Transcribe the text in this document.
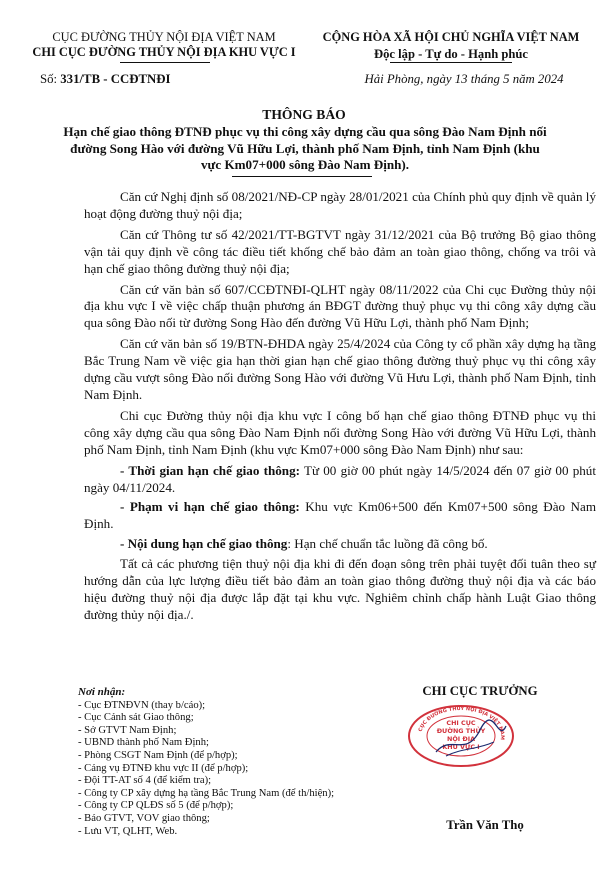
CỤC ĐƯỜNG THỦY NỘI ĐỊA VIỆT NAM
CHI CỤC ĐƯỜNG THỦY NỘI ĐỊA KHU VỰC I
CỘNG HÒA XÃ HỘI CHỦ NGHĨA VIỆT NAM
Độc lập - Tự do - Hạnh phúc
Số: 331/TB - CCĐTNĐI	Hải Phòng, ngày 13 tháng 5 năm 2024
THÔNG BÁO
Hạn chế giao thông ĐTNĐ phục vụ thi công xây dựng cầu qua sông Đào Nam Định nối đường Song Hào với đường Vũ Hữu Lợi, thành phố Nam Định, tỉnh Nam Định (khu vực Km07+000 sông Đào Nam Định).

Căn cứ Nghị định số 08/2021/NĐ-CP ngày 28/01/2021 của Chính phủ quy định về quản lý hoạt động đường thuỷ nội địa;

Căn cứ Thông tư số 42/2021/TT-BGTVT ngày 31/12/2021 của Bộ trưởng Bộ giao thông vận tải quy định về công tác điều tiết khống chế bảo đảm an toàn giao thông, chống va trôi và hạn chế giao thông đường thuỷ nội địa;

Căn cứ văn bản số 607/CCĐTNĐI-QLHT ngày 08/11/2022 của Chi cục Đường thủy nội địa khu vực I về việc chấp thuận phương án BĐGT đường thuỷ phục vụ thi công xây dựng cầu qua sông Đào nối từ đường Song Hào đến đường Vũ Hữu Lợi, thành phố Nam Định;

Căn cứ văn bản số 19/BTN-ĐHDA ngày 25/4/2024 của Công ty cổ phần xây dựng hạ tầng Bắc Trung Nam về việc gia hạn thời gian hạn chế giao thông đường thuỷ phục vụ thi công xây dựng cầu vượt sông Đào nối đường Song Hào với đường Vũ Hưu Lợi, thành phố Nam Định, tỉnh Nam Định.

Chi cục Đường thủy nội địa khu vực I công bố hạn chế giao thông ĐTNĐ phục vụ thi công xây dựng cầu qua sông Đào Nam Định nối đường Song Hào với đường Vũ Hữu Lợi, thành phố Nam Định, tỉnh Nam Định (khu vực Km07+000 sông Đào Nam Định) như sau:

- Thời gian hạn chế giao thông: Từ 00 giờ 00 phút ngày 14/5/2024 đến 07 giờ 00 phút ngày 04/11/2024.

- Phạm vi hạn chế giao thông: Khu vực Km06+500 đến Km07+500 sông Đào Nam Định.

- Nội dung hạn chế giao thông: Hạn chế chuẩn tắc luồng đã công bố.

Tất cả các phương tiện thuỷ nội địa khi đi đến đoạn sông trên phải tuyệt đối tuân theo sự hướng dẫn của lực lượng điều tiết bảo đảm an toàn giao thông đường thuỷ nội địa và các báo hiệu đường thuỷ nội địa được lắp đặt tại khu vực. Nghiêm chỉnh chấp hành Luật Giao thông đường thủy nội địa./.

Nơi nhận:
- Cục ĐTNĐVN (thay b/cáo);
- Cục Cảnh sát Giao thông;
- Sở GTVT Nam Định;
- UBND thành phố Nam Định;
- Phòng CSGT Nam Định (để p/hợp);
- Cảng vụ ĐTNĐ khu vực II (để p/hợp);
- Đội TT-AT số 4 (để kiểm tra);
- Công ty CP xây dựng hạ tầng Bắc Trung Nam (để th/hiện);
- Công ty CP QLĐS số 5 (để p/hợp);
- Báo GTVT, VOV giao thông;
- Lưu VT, QLHT, Web.
CHI CỤC TRƯỞNG
CỤC ĐƯỜNG THỦY NỘI ĐỊA VIỆT NAM
CHI CỤC
ĐƯỜNG THỦY
NỘI ĐỊA
KHU VỰC I
Trần Văn Thọ
